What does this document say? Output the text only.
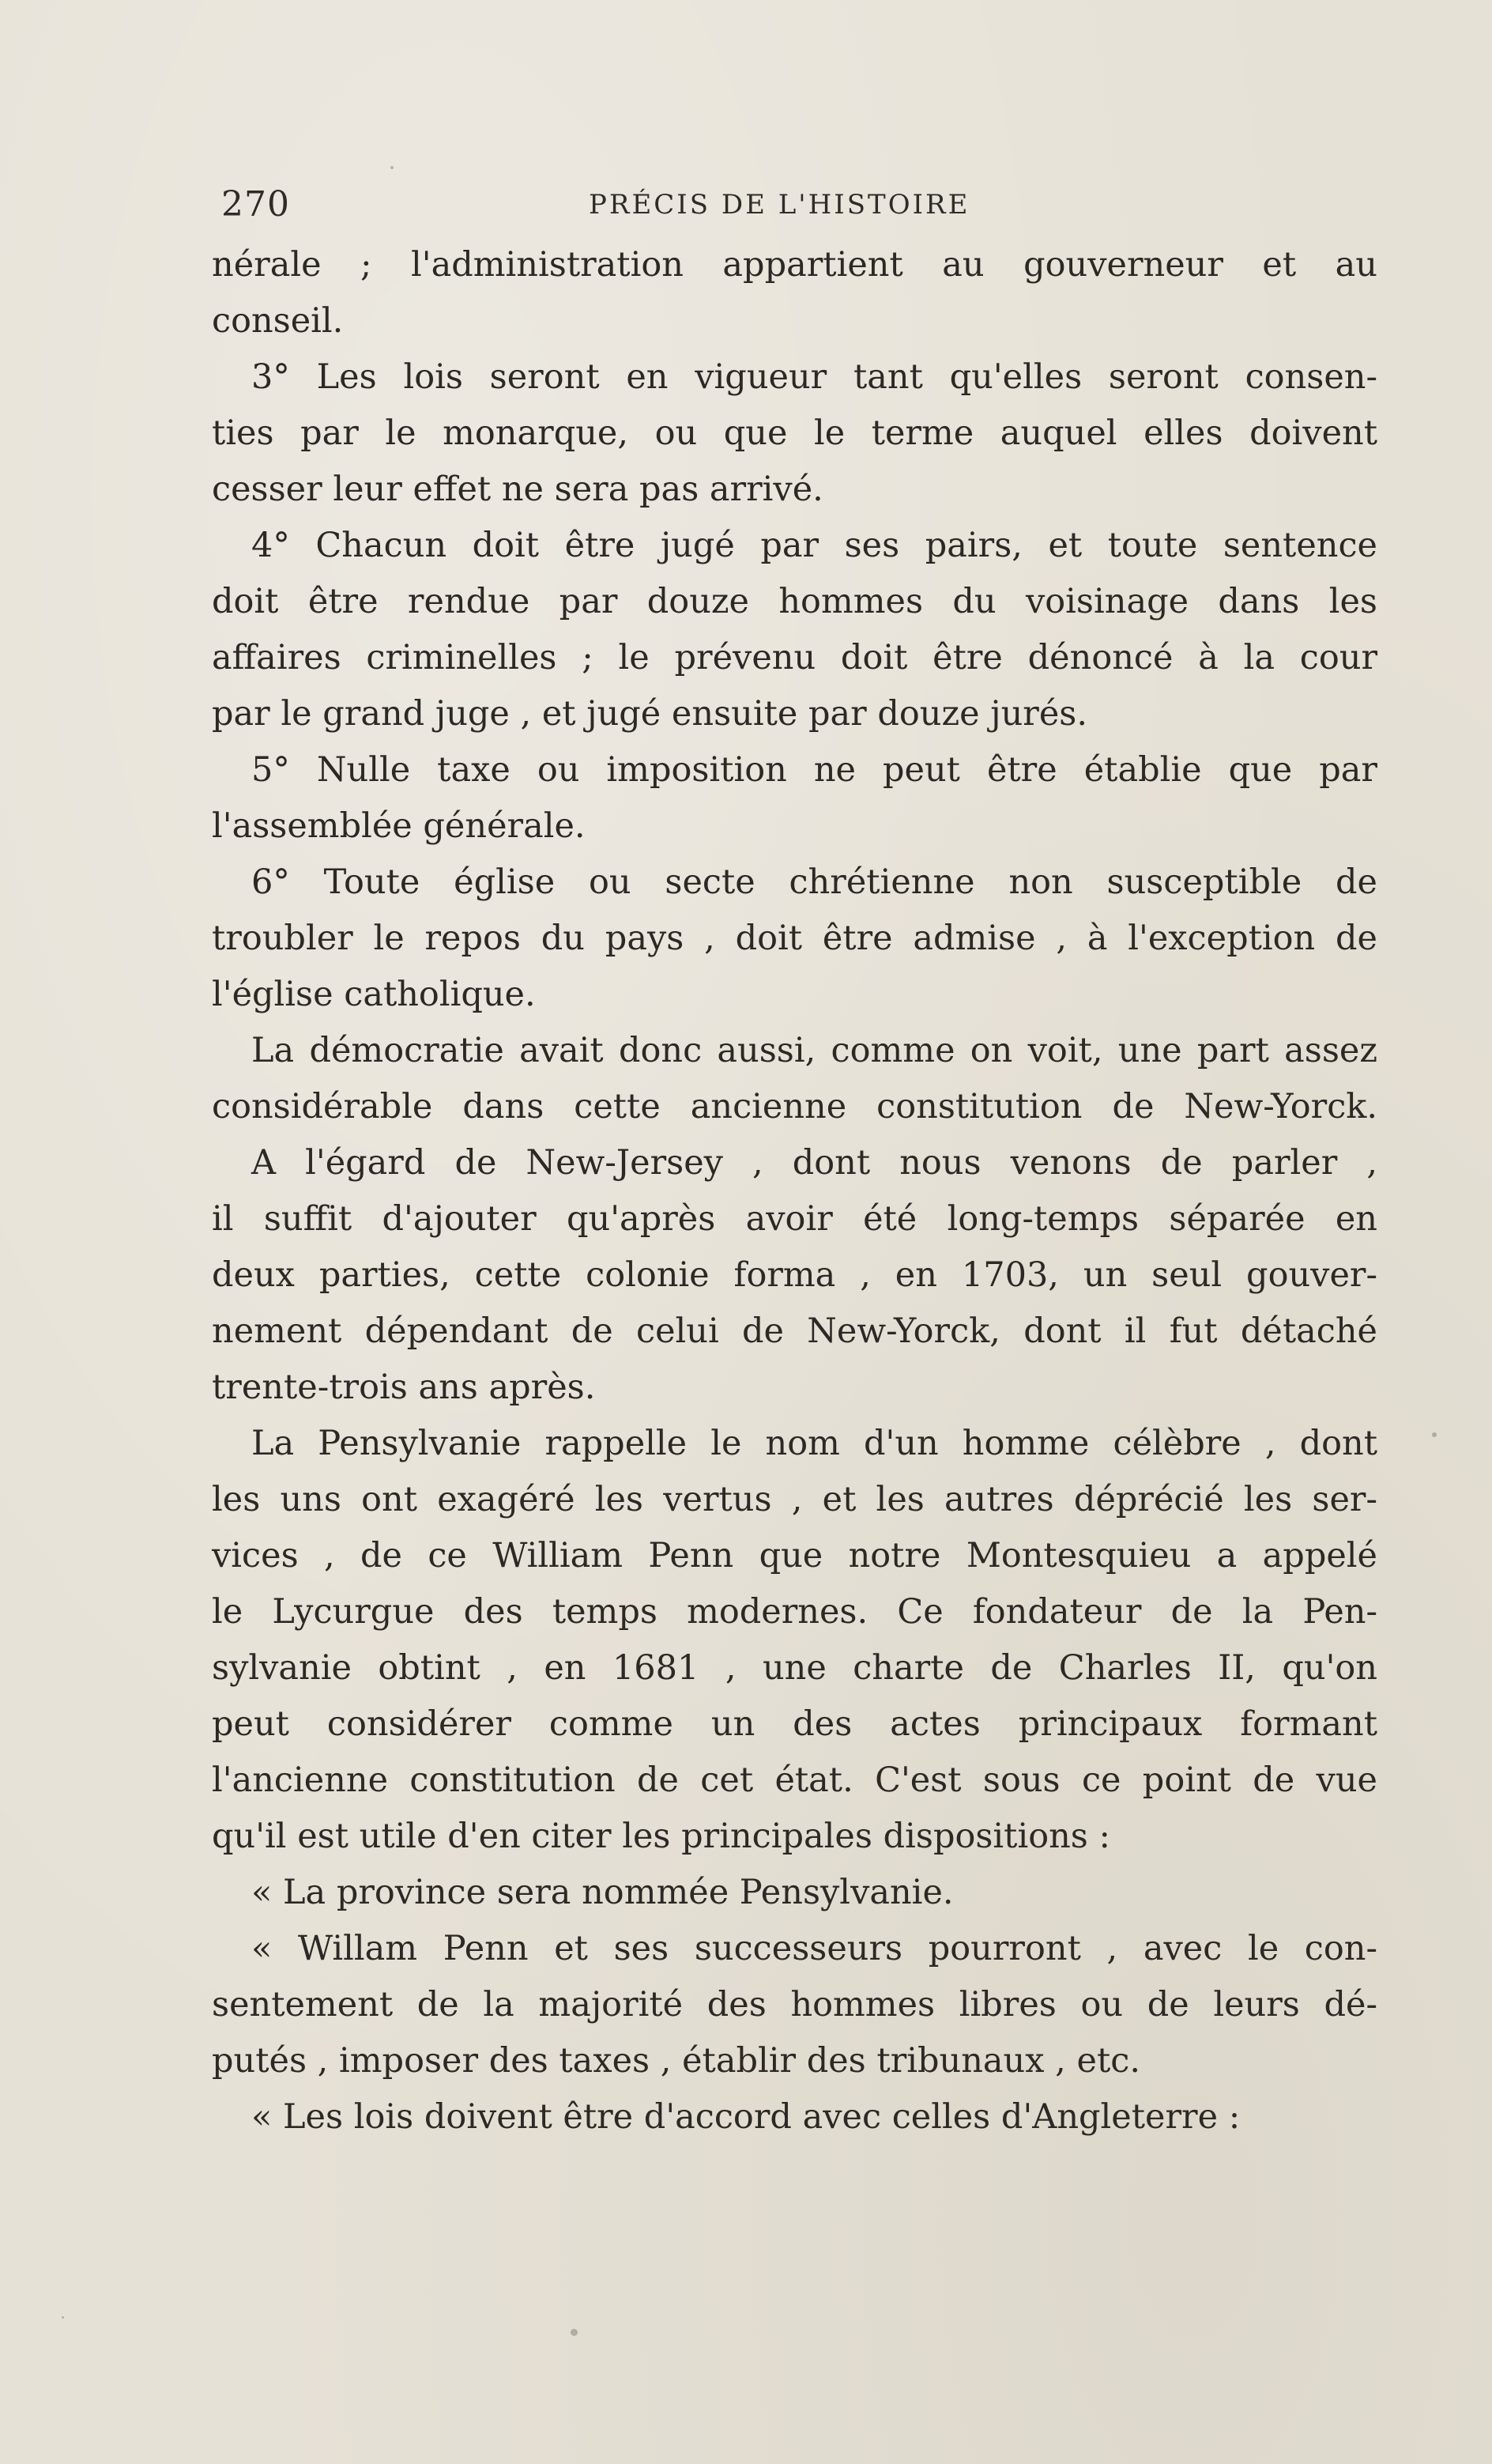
270	PRÉCIS DE L'HISTOIRE
nérale ; l'administration appartient au gouverneur et au
conseil.
3° Les lois seront en vigueur tant qu'elles seront consen-
ties par le monarque, ou que le terme auquel elles doivent
cesser leur effet ne sera pas arrivé.
4° Chacun doit être jugé par ses pairs, et toute sentence
doit être rendue par douze hommes du voisinage dans les
affaires criminelles ; le prévenu doit être dénoncé à la cour
par le grand juge , et jugé ensuite par douze jurés.
5° Nulle taxe ou imposition ne peut être établie que par
l'assemblée générale.
6° Toute église ou secte chrétienne non susceptible de
troubler le repos du pays , doit être admise , à l'exception de
l'église catholique.
La démocratie avait donc aussi, comme on voit, une part assez
considérable dans cette ancienne constitution de New-Yorck.
A l'égard de New-Jersey , dont nous venons de parler ,
il suffit d'ajouter qu'après avoir été long-temps séparée en
deux parties, cette colonie forma , en 1703, un seul gouver-
nement dépendant de celui de New-Yorck, dont il fut détaché
trente-trois ans après.
La Pensylvanie rappelle le nom d'un homme célèbre , dont
les uns ont exagéré les vertus , et les autres déprécié les ser-
vices , de ce William Penn que notre Montesquieu a appelé
le Lycurgue des temps modernes. Ce fondateur de la Pen-
sylvanie obtint , en 1681 , une charte de Charles II, qu'on
peut considérer comme un des actes principaux formant
l'ancienne constitution de cet état. C'est sous ce point de vue
qu'il est utile d'en citer les principales dispositions :
« La province sera nommée Pensylvanie.
« Willam Penn et ses successeurs pourront , avec le con-
sentement de la majorité des hommes libres ou de leurs dé-
putés , imposer des taxes , établir des tribunaux , etc.
« Les lois doivent être d'accord avec celles d'Angleterre :
